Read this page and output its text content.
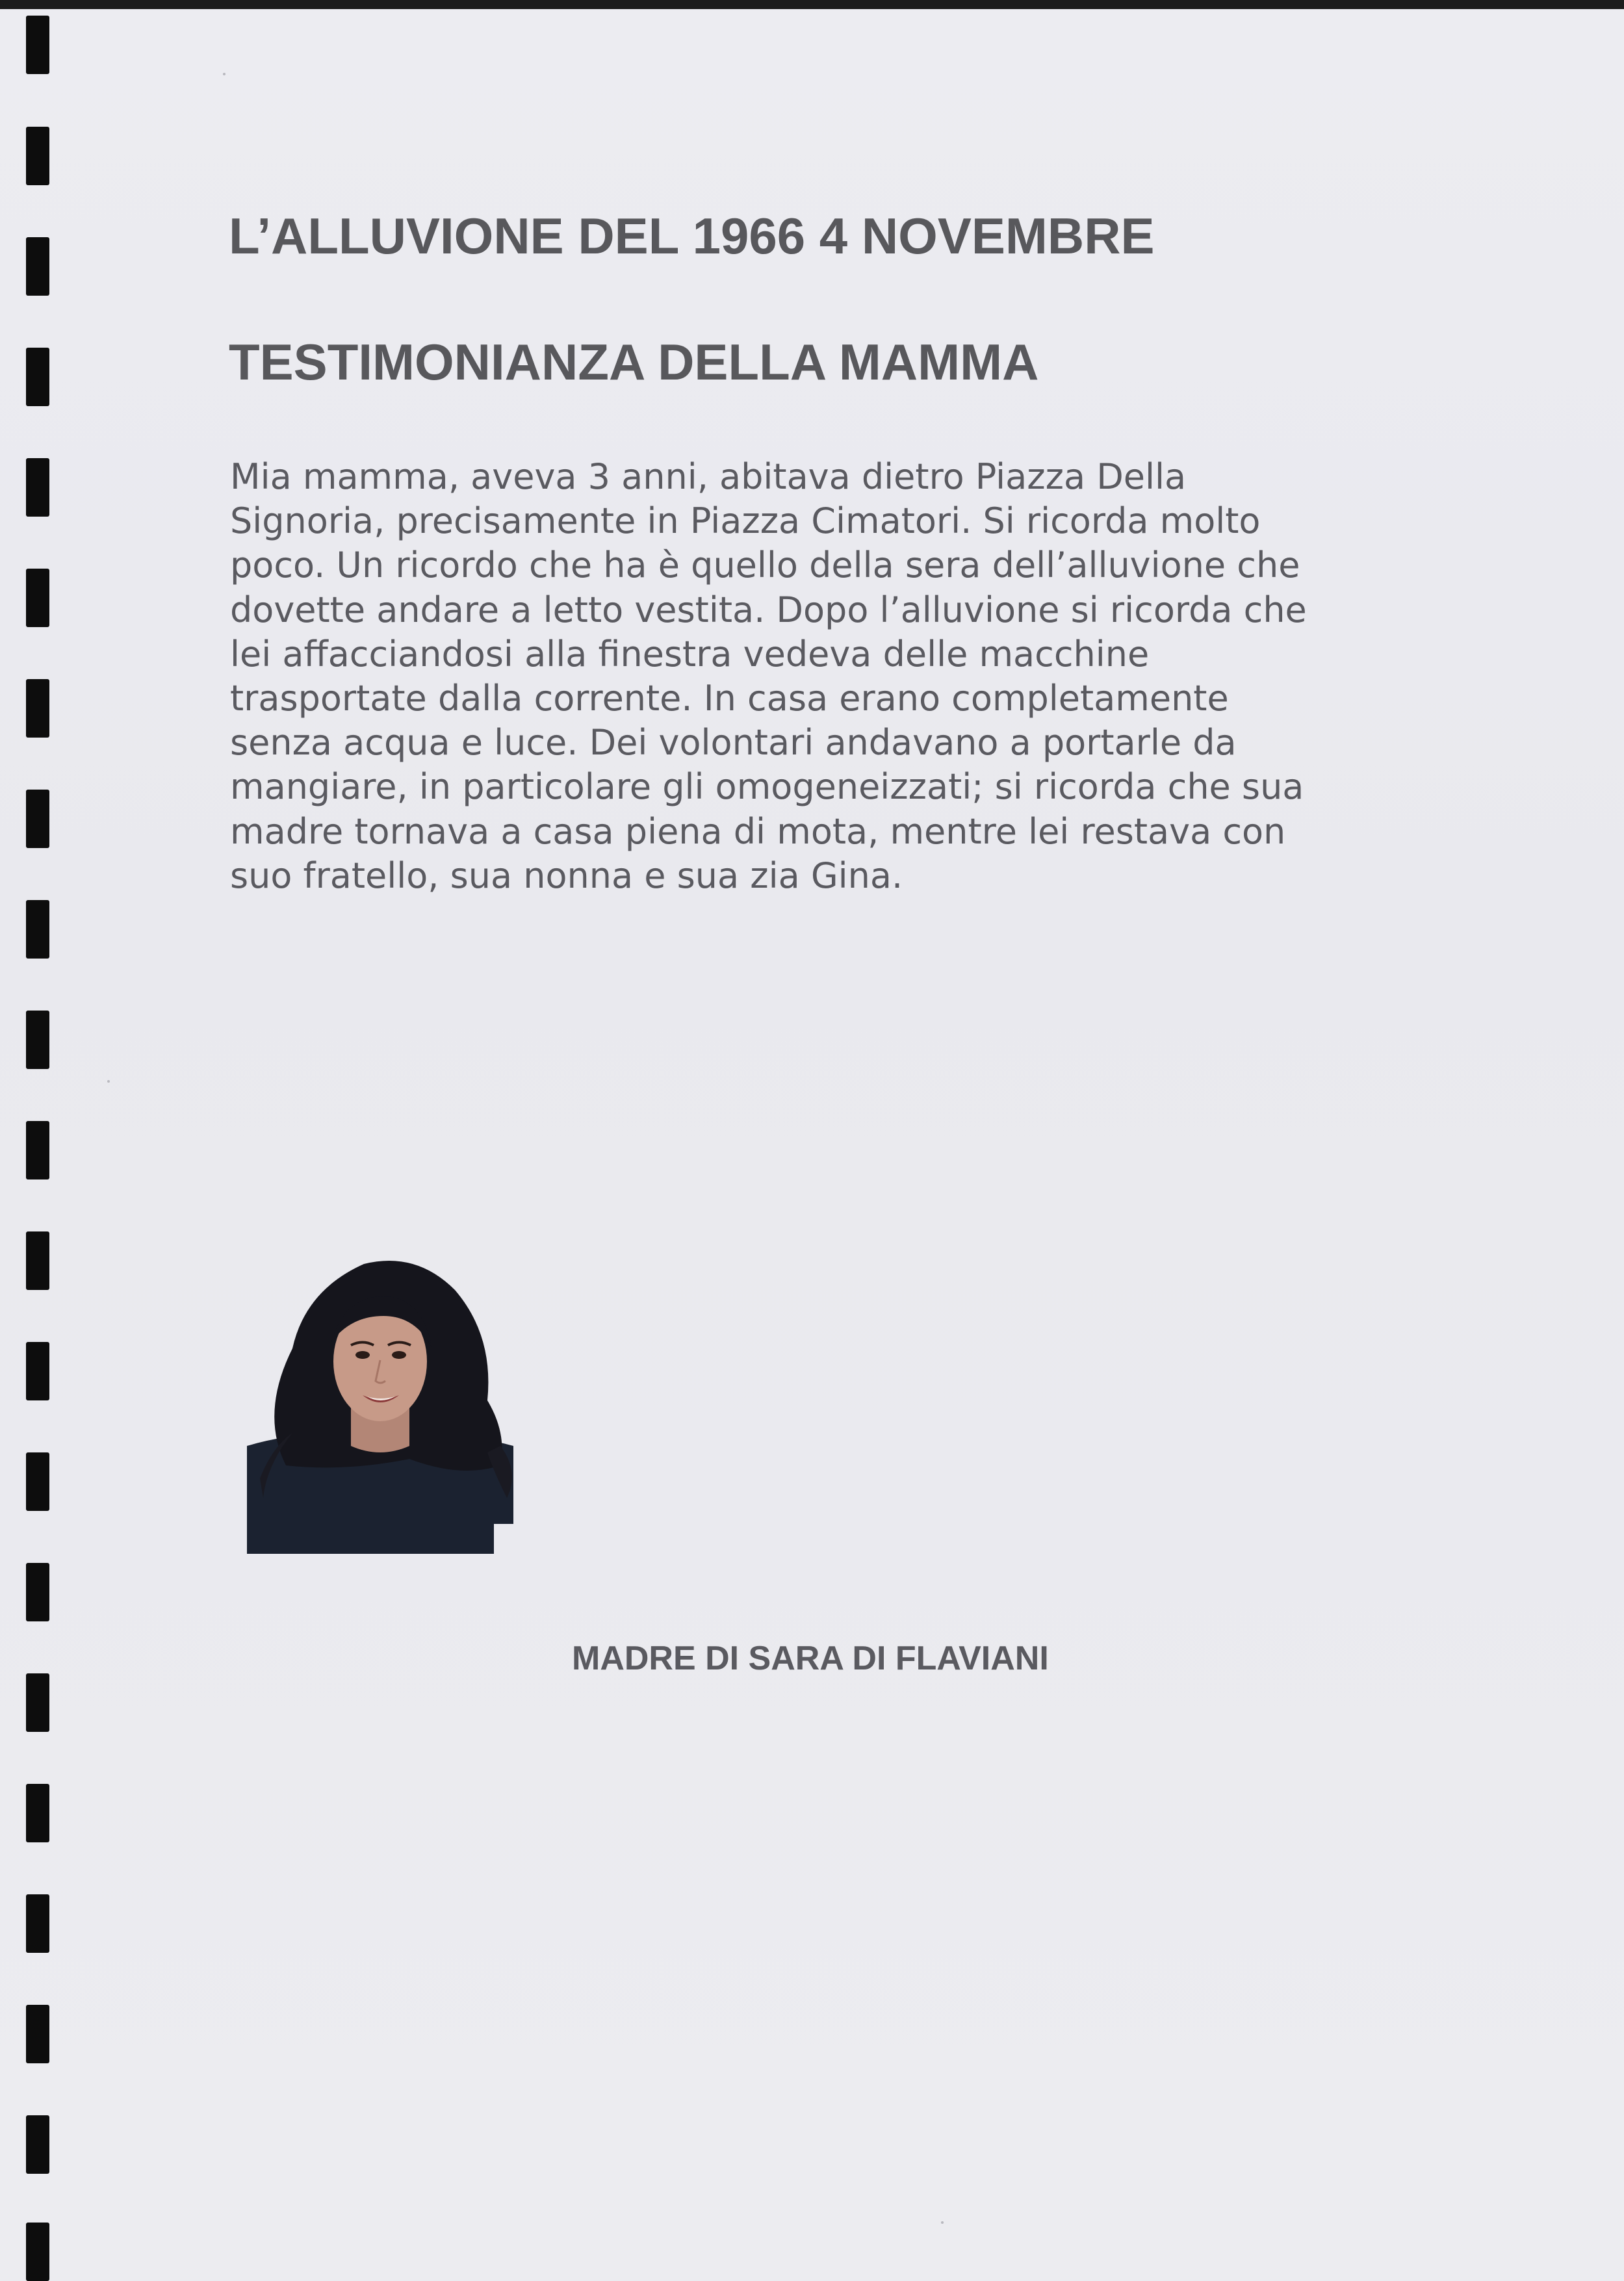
L’ALLUVIONE DEL 1966 4 NOVEMBRE
TESTIMONIANZA DELLA MAMMA
Mia mamma, aveva 3 anni, abitava dietro Piazza Della
Signoria, precisamente in Piazza Cimatori. Si ricorda molto
poco. Un ricordo che ha è quello della sera dell’alluvione che
dovette andare a letto vestita. Dopo l’alluvione si ricorda che
lei affacciandosi alla finestra vedeva delle macchine
trasportate dalla corrente. In casa erano completamente
senza acqua e luce. Dei volontari andavano a portarle da
mangiare, in particolare gli omogeneizzati; si ricorda che sua
madre tornava a casa piena di mota, mentre lei restava con
suo fratello, sua nonna e sua zia Gina.

MADRE DI SARA DI FLAVIANI
